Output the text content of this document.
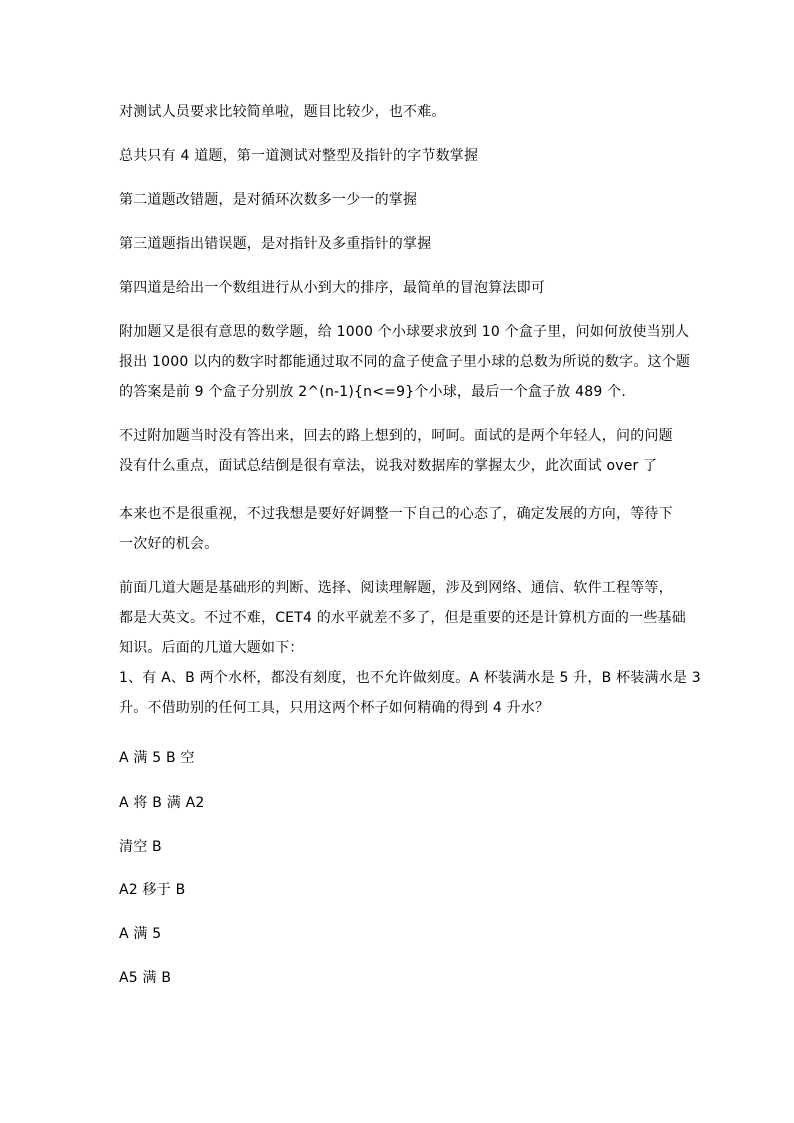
对测试人员要求比较简单啦，题目比较少，也不难。
总共只有 4 道题，第一道测试对整型及指针的字节数掌握
第二道题改错题，是对循环次数多一少一的掌握
第三道题指出错误题，是对指针及多重指针的掌握
第四道是给出一个数组进行从小到大的排序，最简单的冒泡算法即可
附加题又是很有意思的数学题，给 1000 个小球要求放到 10 个盒子里，问如何放使当别人
报出 1000 以内的数字时都能通过取不同的盒子使盒子里小球的总数为所说的数字。这个题
的答案是前 9 个盒子分别放 2^(n-1){n<=9}个小球，最后一个盒子放 489 个.
不过附加题当时没有答出来，回去的路上想到的，呵呵。面试的是两个年轻人，问的问题
没有什么重点，面试总结倒是很有章法，说我对数据库的掌握太少，此次面试 over 了
本来也不是很重视，不过我想是要好好调整一下自己的心态了，确定发展的方向，等待下
一次好的机会。
前面几道大题是基础形的判断、选择、阅读理解题，涉及到网络、通信、软件工程等等，
都是大英文。不过不难，CET4 的水平就差不多了，但是重要的还是计算机方面的一些基础
知识。后面的几道大题如下：
1、有 A、B 两个水杯，都没有刻度，也不允许做刻度。A 杯装满水是 5 升，B 杯装满水是 3
升。不借助别的任何工具，只用这两个杯子如何精确的得到 4 升水？
A 满 5 B 空
A 将 B 满 A2
清空 B
A2 移于 B
A 满 5
A5 满 B
